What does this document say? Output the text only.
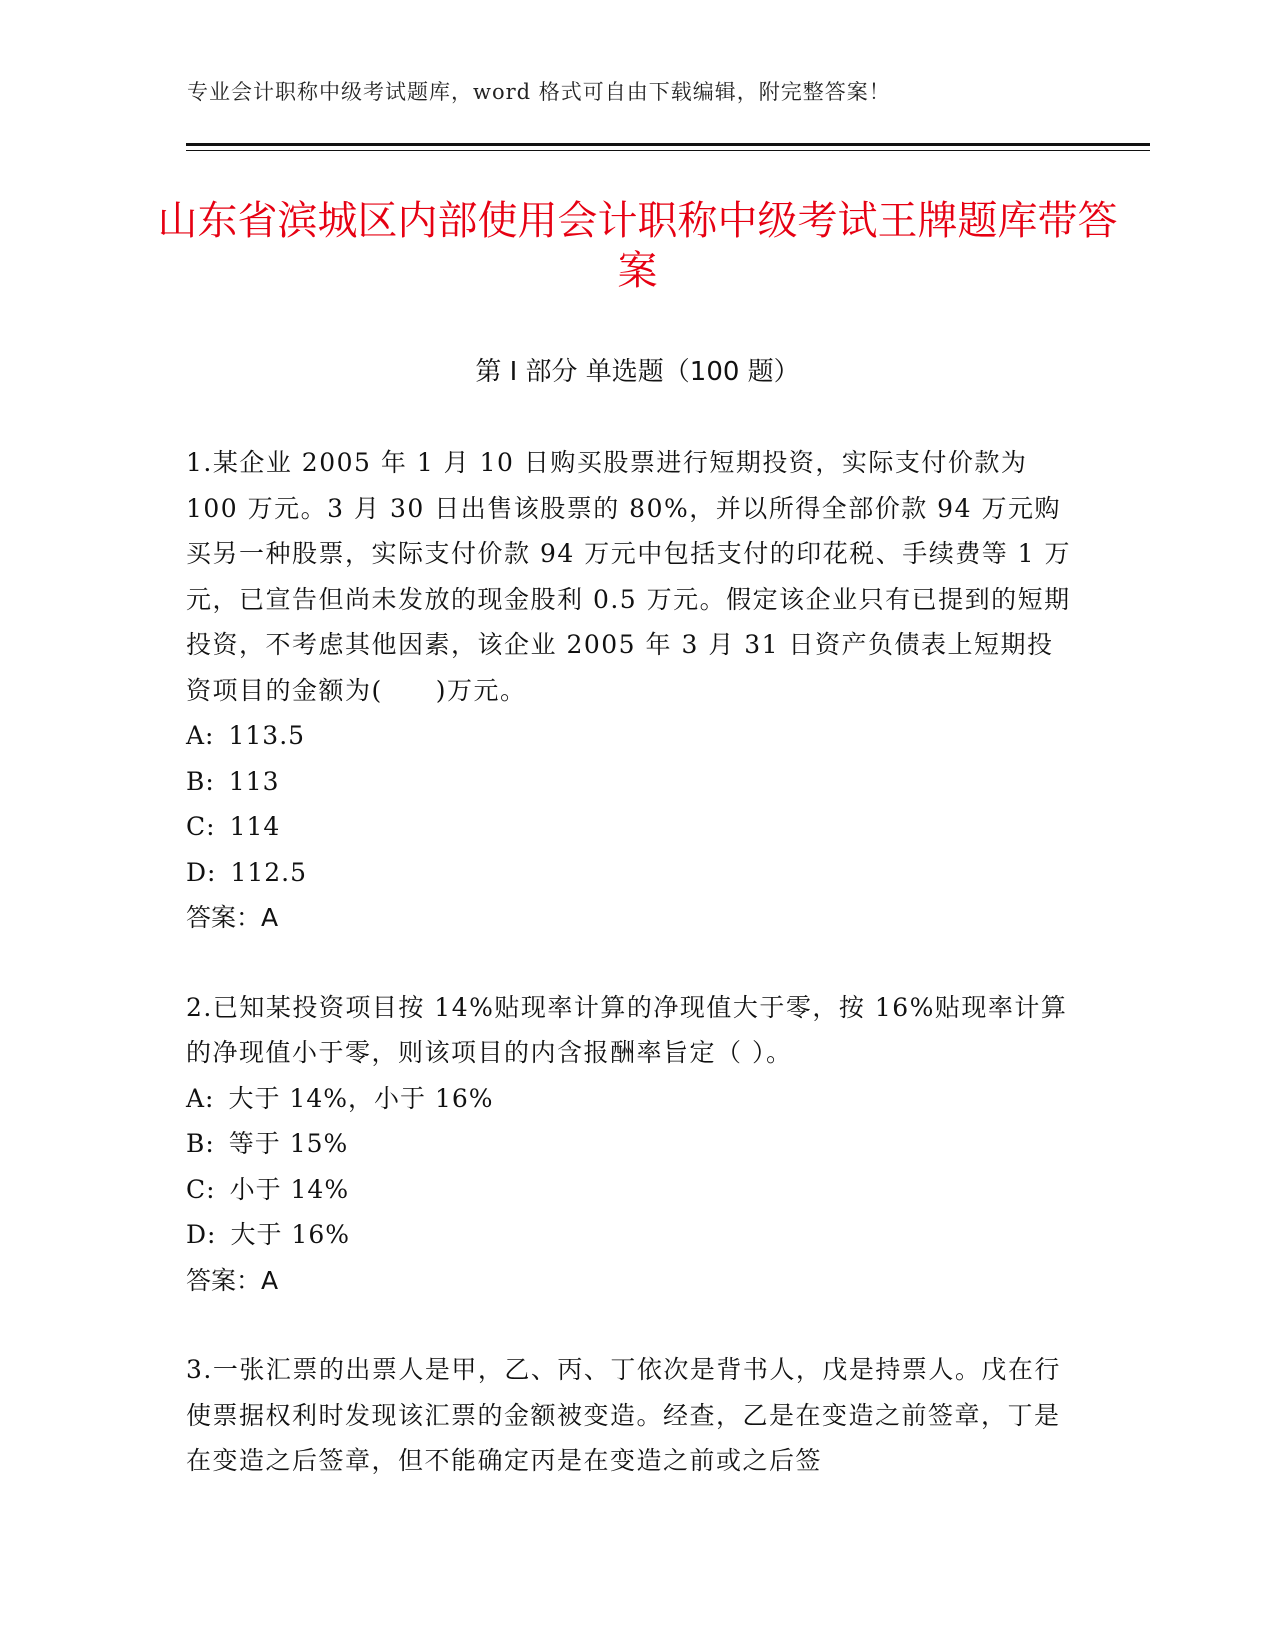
专业会计职称中级考试题库，word 格式可自由下载编辑，附完整答案！
山东省滨城区内部使用会计职称中级考试王牌题库带答案
第 I 部分 单选题（100 题）

1.某企业 2005 年 1 月 10 日购买股票进行短期投资，实际支付价款为 100 万元。3 月 30 日出售该股票的 80%，并以所得全部价款 94 万元购买另一种股票，实际支付价款 94 万元中包括支付的印花税、手续费等 1 万元，已宣告但尚未发放的现金股利 0.5 万元。假定该企业只有已提到的短期投资，不考虑其他因素，该企业 2005 年 3 月 31 日资产负债表上短期投资项目的金额为(　　)万元。

A: 113.5

B: 113

C: 114

D: 112.5

答案：A

2.已知某投资项目按 14%贴现率计算的净现值大于零，按 16%贴现率计算的净现值小于零，则该项目的内含报酬率旨定（ ）。

A: 大于 14%，小于 16%

B: 等于 15%

C: 小于 14%

D: 大于 16%

答案：A

3.一张汇票的出票人是甲，乙、丙、丁依次是背书人，戊是持票人。戊在行使票据权利时发现该汇票的金额被变造。经查，乙是在变造之前签章，丁是在变造之后签章，但不能确定丙是在变造之前或之后签
